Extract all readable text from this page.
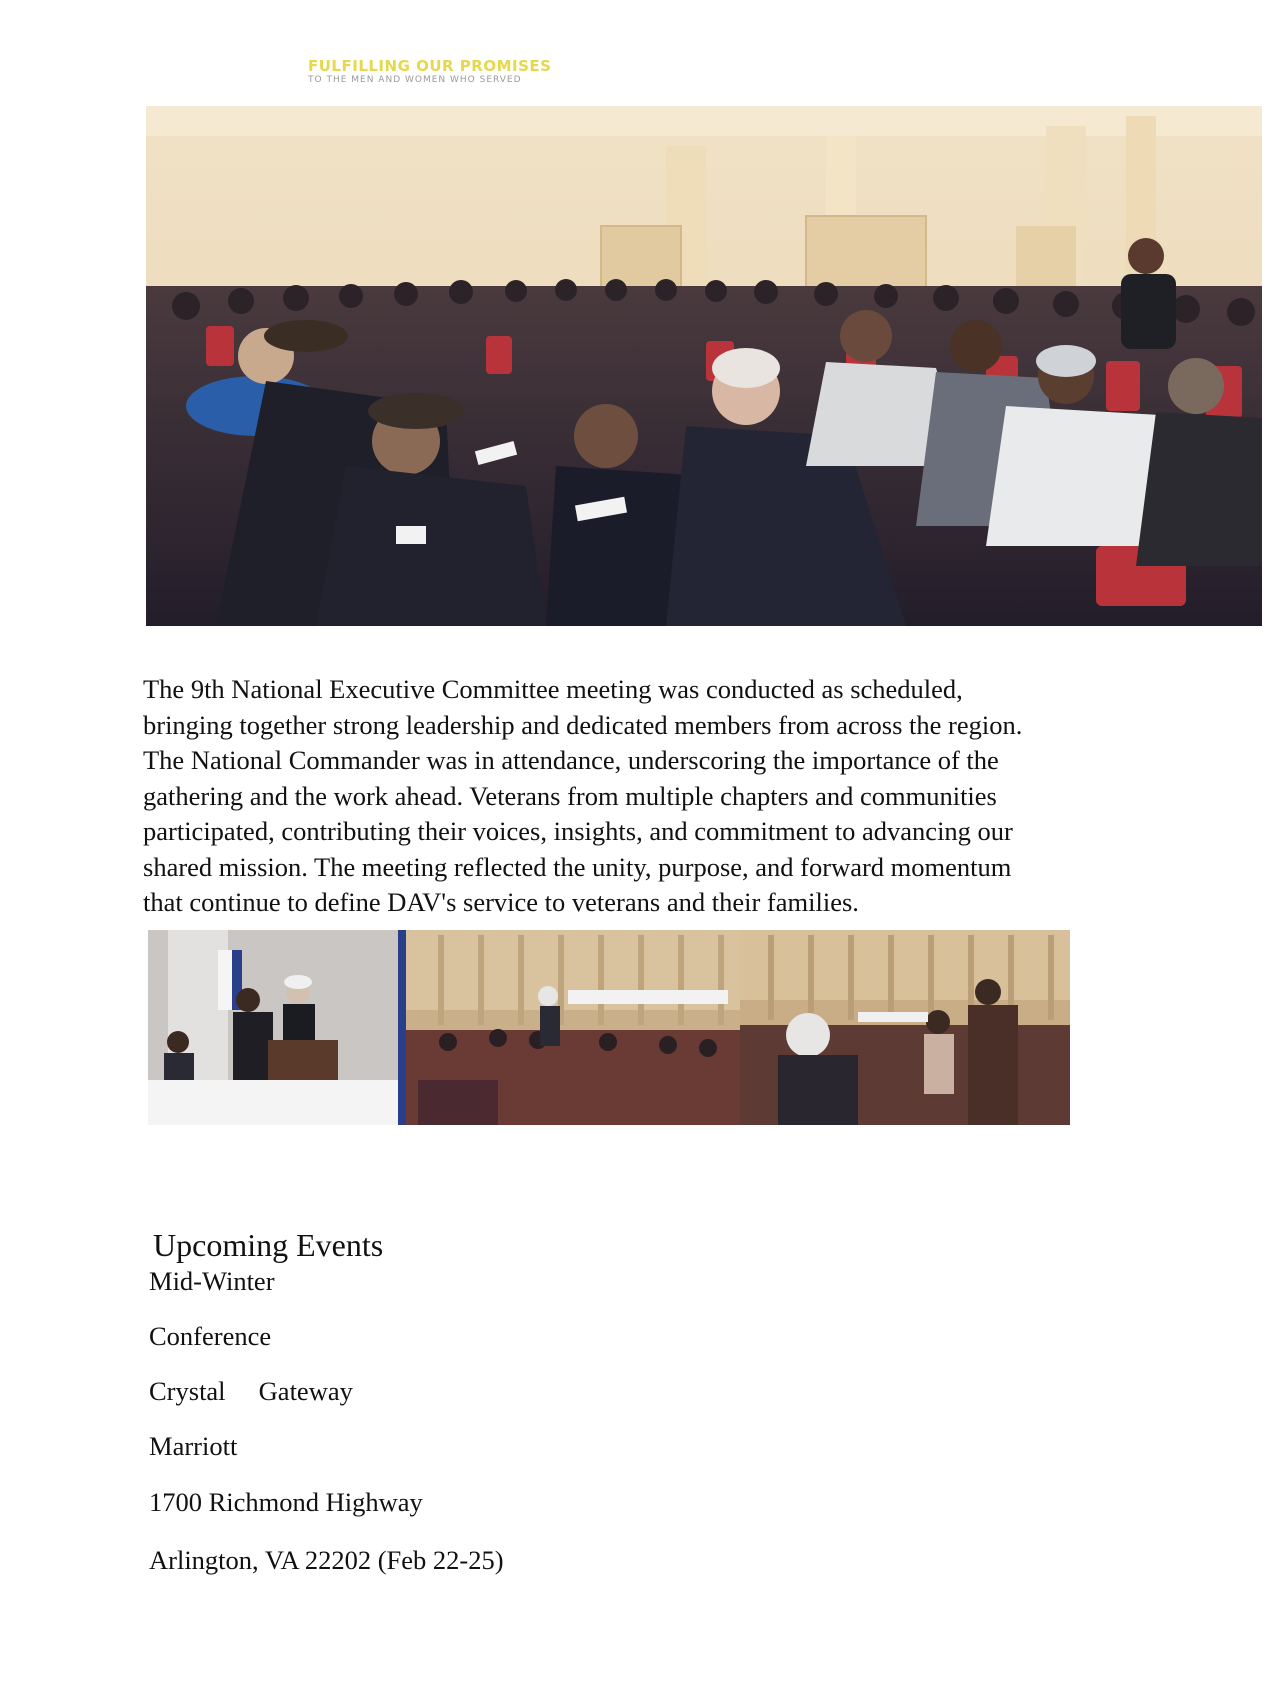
FULFILLING OUR PROMISES
TO THE MEN AND WOMEN WHO SERVED
The 9th National Executive Committee meeting was conducted as scheduled,
bringing together strong leadership and dedicated members from across the region.
The National Commander was in attendance, underscoring the importance of the
gathering and the work ahead. Veterans from multiple chapters and communities
participated, contributing their voices, insights, and commitment to advancing our
shared mission. The meeting reflected the unity, purpose, and forward momentum
that continue to define DAV's service to veterans and their families.
Upcoming Events
Mid-Winter
Conference
Crystal     Gateway
Marriott
1700 Richmond Highway
Arlington, VA 22202 (Feb 22-25)
